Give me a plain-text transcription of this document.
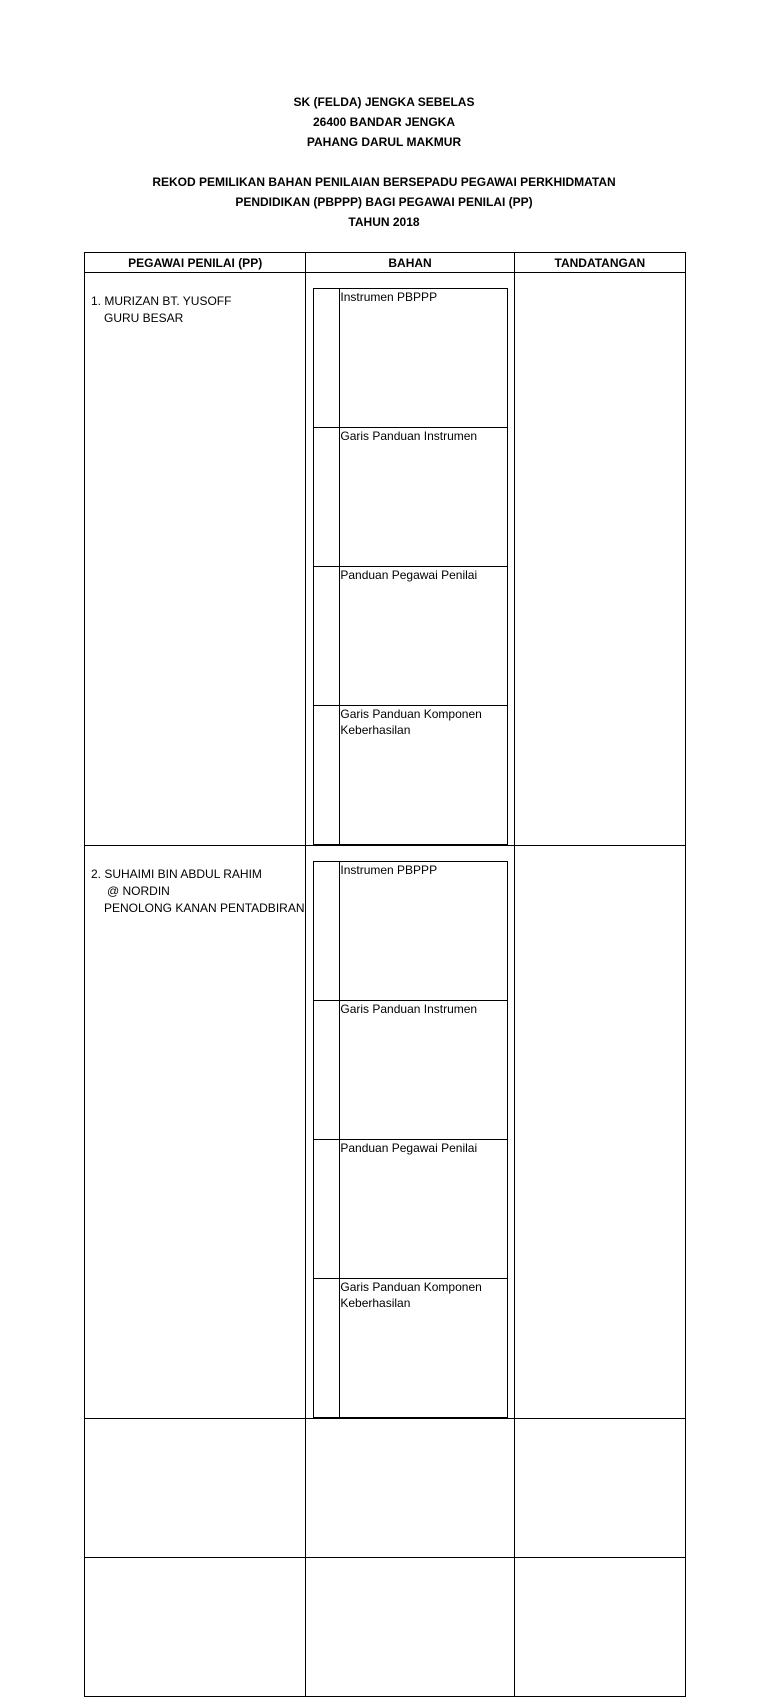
SK (FELDA) JENGKA SEBELAS
26400 BANDAR JENGKA
PAHANG DARUL MAKMUR
REKOD PEMILIKAN BAHAN PENILAIAN BERSEPADU PEGAWAI PERKHIDMATAN
PENDIDIKAN (PBPPP) BAGI PEGAWAI PENILAI (PP)
TAHUN 2018
PEGAWAI PENILAI (PP)	BAHAN	TANDATANGAN

1. MURIZAN BT. YUSOFF
GURU BESAR

	Instrumen PBPPP
	Garis Panduan Instrumen
	Panduan Pegawai Penilai
	Garis Panduan Komponen Keberhasilan

2. SUHAIMI BIN ABDUL RAHIM
@ NORDIN
PENOLONG KANAN PENTADBIRAN

	Instrumen PBPPP
	Garis Panduan Instrumen
	Panduan Pegawai Penilai
	Garis Panduan Komponen Keberhasilan
